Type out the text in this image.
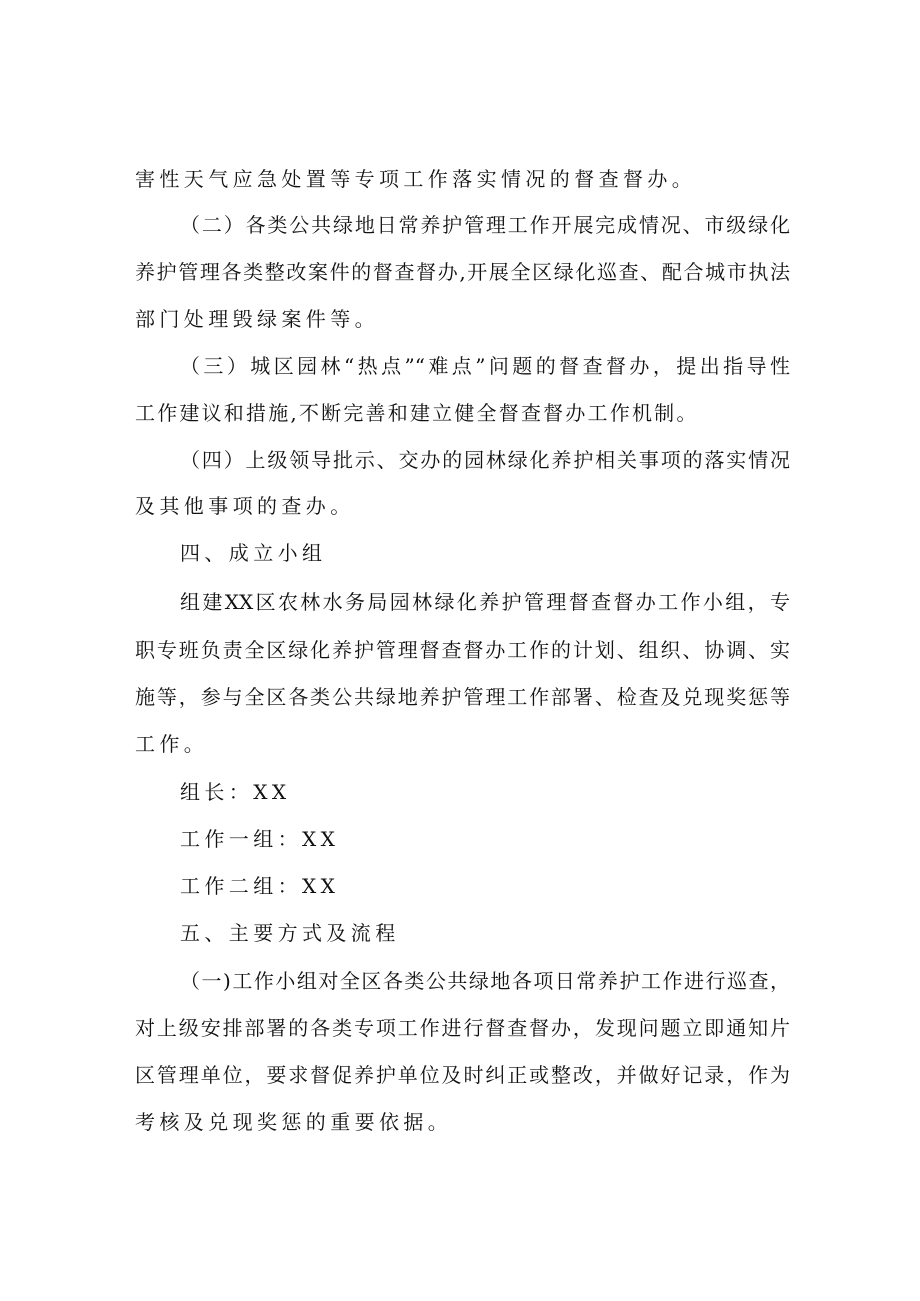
害性天气应急处置等专项工作落实情况的督查督办。
（二）各类公共绿地日常养护管理工作开展完成情况、市级绿化
养护管理各类整改案件的督查督办,开展全区绿化巡查、配合城市执法
部门处理毁绿案件等。
（三）城区园林“热点”“难点”问题的督查督办，提出指导性
工作建议和措施,不断完善和建立健全督查督办工作机制。
（四）上级领导批示、交办的园林绿化养护相关事项的落实情况
及其他事项的查办。
四、成立小组
组建XX区农林水务局园林绿化养护管理督查督办工作小组，专
职专班负责全区绿化养护管理督查督办工作的计划、组织、协调、实
施等，参与全区各类公共绿地养护管理工作部署、检查及兑现奖惩等
工作。
组长：XX
工作一组：XX
工作二组：XX
五、主要方式及流程
（一)工作小组对全区各类公共绿地各项日常养护工作进行巡查，
对上级安排部署的各类专项工作进行督查督办，发现问题立即通知片
区管理单位，要求督促养护单位及时纠正或整改，并做好记录，作为
考核及兑现奖惩的重要依据。
